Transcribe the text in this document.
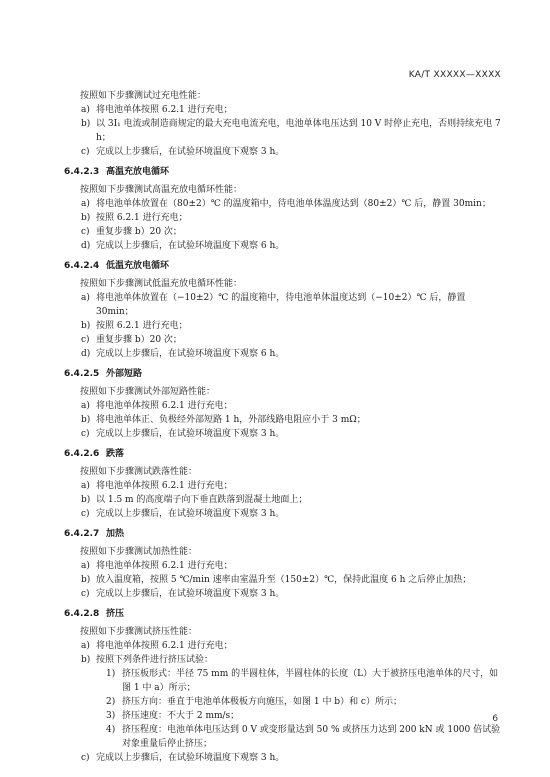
KA/T XXXXX—XXXX

按照如下步骤测试过充电性能：

a) 将电池单体按照 6.2.1 进行充电；
b) 以 3I₁ 电流或制造商规定的最大充电电流充电，电池单体电压达到 10 V 时停止充电，否则持续充电 7 h；
c) 完成以上步骤后，在试验环境温度下观察 3 h。
6.4.2.3 高温充放电循环

按照如下步骤测试高温充放电循环性能：

a) 将电池单体放置在（80±2）℃ 的温度箱中，待电池单体温度达到（80±2）℃ 后，静置 30min；
b) 按照 6.2.1 进行充电；
c) 重复步骤 b）20 次；
d) 完成以上步骤后，在试验环境温度下观察 6 h。
6.4.2.4 低温充放电循环

按照如下步骤测试低温充放电循环性能：

a) 将电池单体放置在（−10±2）℃ 的温度箱中，待电池单体温度达到（−10±2）℃ 后，静置 30min；
b) 按照 6.2.1 进行充电；
c) 重复步骤 b）20 次；
d) 完成以上步骤后，在试验环境温度下观察 6 h。
6.4.2.5 外部短路

按照如下步骤测试外部短路性能：

a) 将电池单体按照 6.2.1 进行充电；
b) 将电池单体正、负极经外部短路 1 h，外部线路电阻应小于 3 mΩ；
c) 完成以上步骤后，在试验环境温度下观察 3 h。
6.4.2.6 跌落

按照如下步骤测试跌落性能：

a) 将电池单体按照 6.2.1 进行充电；
b) 以 1.5 m 的高度端子向下垂直跌落到混凝土地面上；
c) 完成以上步骤后，在试验环境温度下观察 3 h。
6.4.2.7 加热

按照如下步骤测试加热性能：

a) 将电池单体按照 6.2.1 进行充电；
b) 放入温度箱，按照 5 ℃/min 速率由室温升至（150±2）℃，保持此温度 6 h 之后停止加热；
c) 完成以上步骤后，在试验环境温度下观察 3 h。
6.4.2.8 挤压

按照如下步骤测试挤压性能：

a) 将电池单体按照 6.2.1 进行充电；
b) 按照下列条件进行挤压试验：
1) 挤压板形式：半径 75 mm 的半圆柱体，半圆柱体的长度（L）大于被挤压电池单体的尺寸，如图 1 中 a）所示；
2) 挤压方向：垂直于电池单体极板方向施压，如图 1 中 b）和 c）所示；
3) 挤压速度：不大于 2 mm/s；
4) 挤压程度：电池单体电压达到 0 V 或变形量达到 50 % 或挤压力达到 200 kN 或 1000 倍试验对象重量后停止挤压；
c) 完成以上步骤后，在试验环境温度下观察 3 h。
6
